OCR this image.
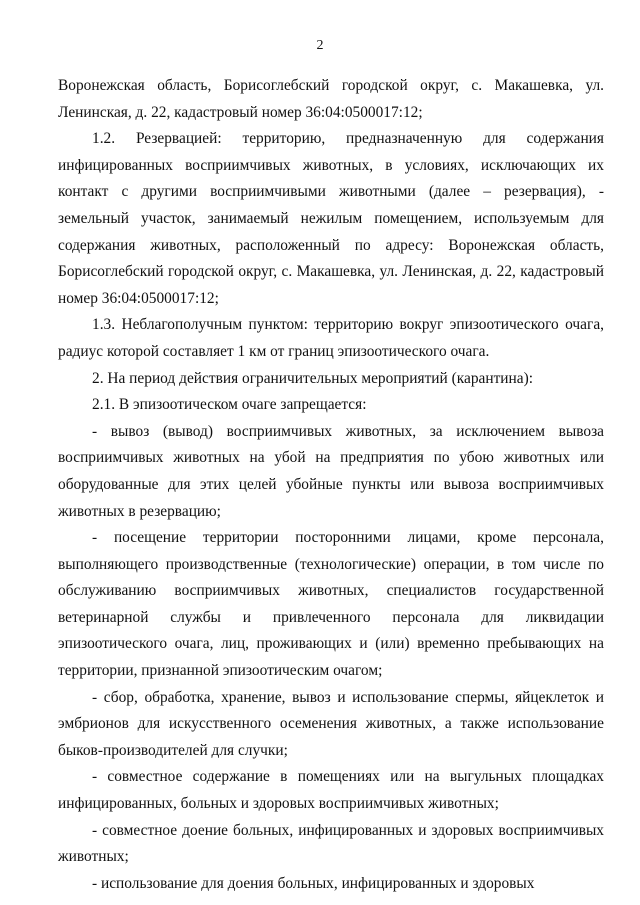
2

Воронежская область, Борисоглебский городской округ, с. Макашевка, ул. Ленинская, д. 22, кадастровый номер 36:04:0500017:12;

1.2. Резервацией: территорию, предназначенную для содержания инфицированных восприимчивых животных, в условиях, исключающих их контакт с другими восприимчивыми животными (далее – резервация), - земельный участок, занимаемый нежилым помещением, используемым для содержания животных, расположенный по адресу: Воронежская область, Борисоглебский городской округ, с. Макашевка, ул. Ленинская, д. 22, кадастровый номер 36:04:0500017:12;

1.3. Неблагополучным пунктом: территорию вокруг эпизоотического очага, радиус которой составляет 1 км от границ эпизоотического очага.

2. На период действия ограничительных мероприятий (карантина):

2.1. В эпизоотическом очаге запрещается:

- вывоз (вывод) восприимчивых животных, за исключением вывоза восприимчивых животных на убой на предприятия по убою животных или оборудованные для этих целей убойные пункты или вывоза восприимчивых животных в резервацию;

- посещение территории посторонними лицами, кроме персонала, выполняющего производственные (технологические) операции, в том числе по обслуживанию восприимчивых животных, специалистов государственной ветеринарной службы и привлеченного персонала для ликвидации эпизоотического очага, лиц, проживающих и (или) временно пребывающих на территории, признанной эпизоотическим очагом;

- сбор, обработка, хранение, вывоз и использование спермы, яйцеклеток и эмбрионов для искусственного осеменения животных, а также использование быков-производителей для случки;

- совместное содержание в помещениях или на выгульных площадках инфицированных, больных и здоровых восприимчивых животных;

- совместное доение больных, инфицированных и здоровых восприимчивых животных;

- использование для доения больных, инфицированных и здоровых
